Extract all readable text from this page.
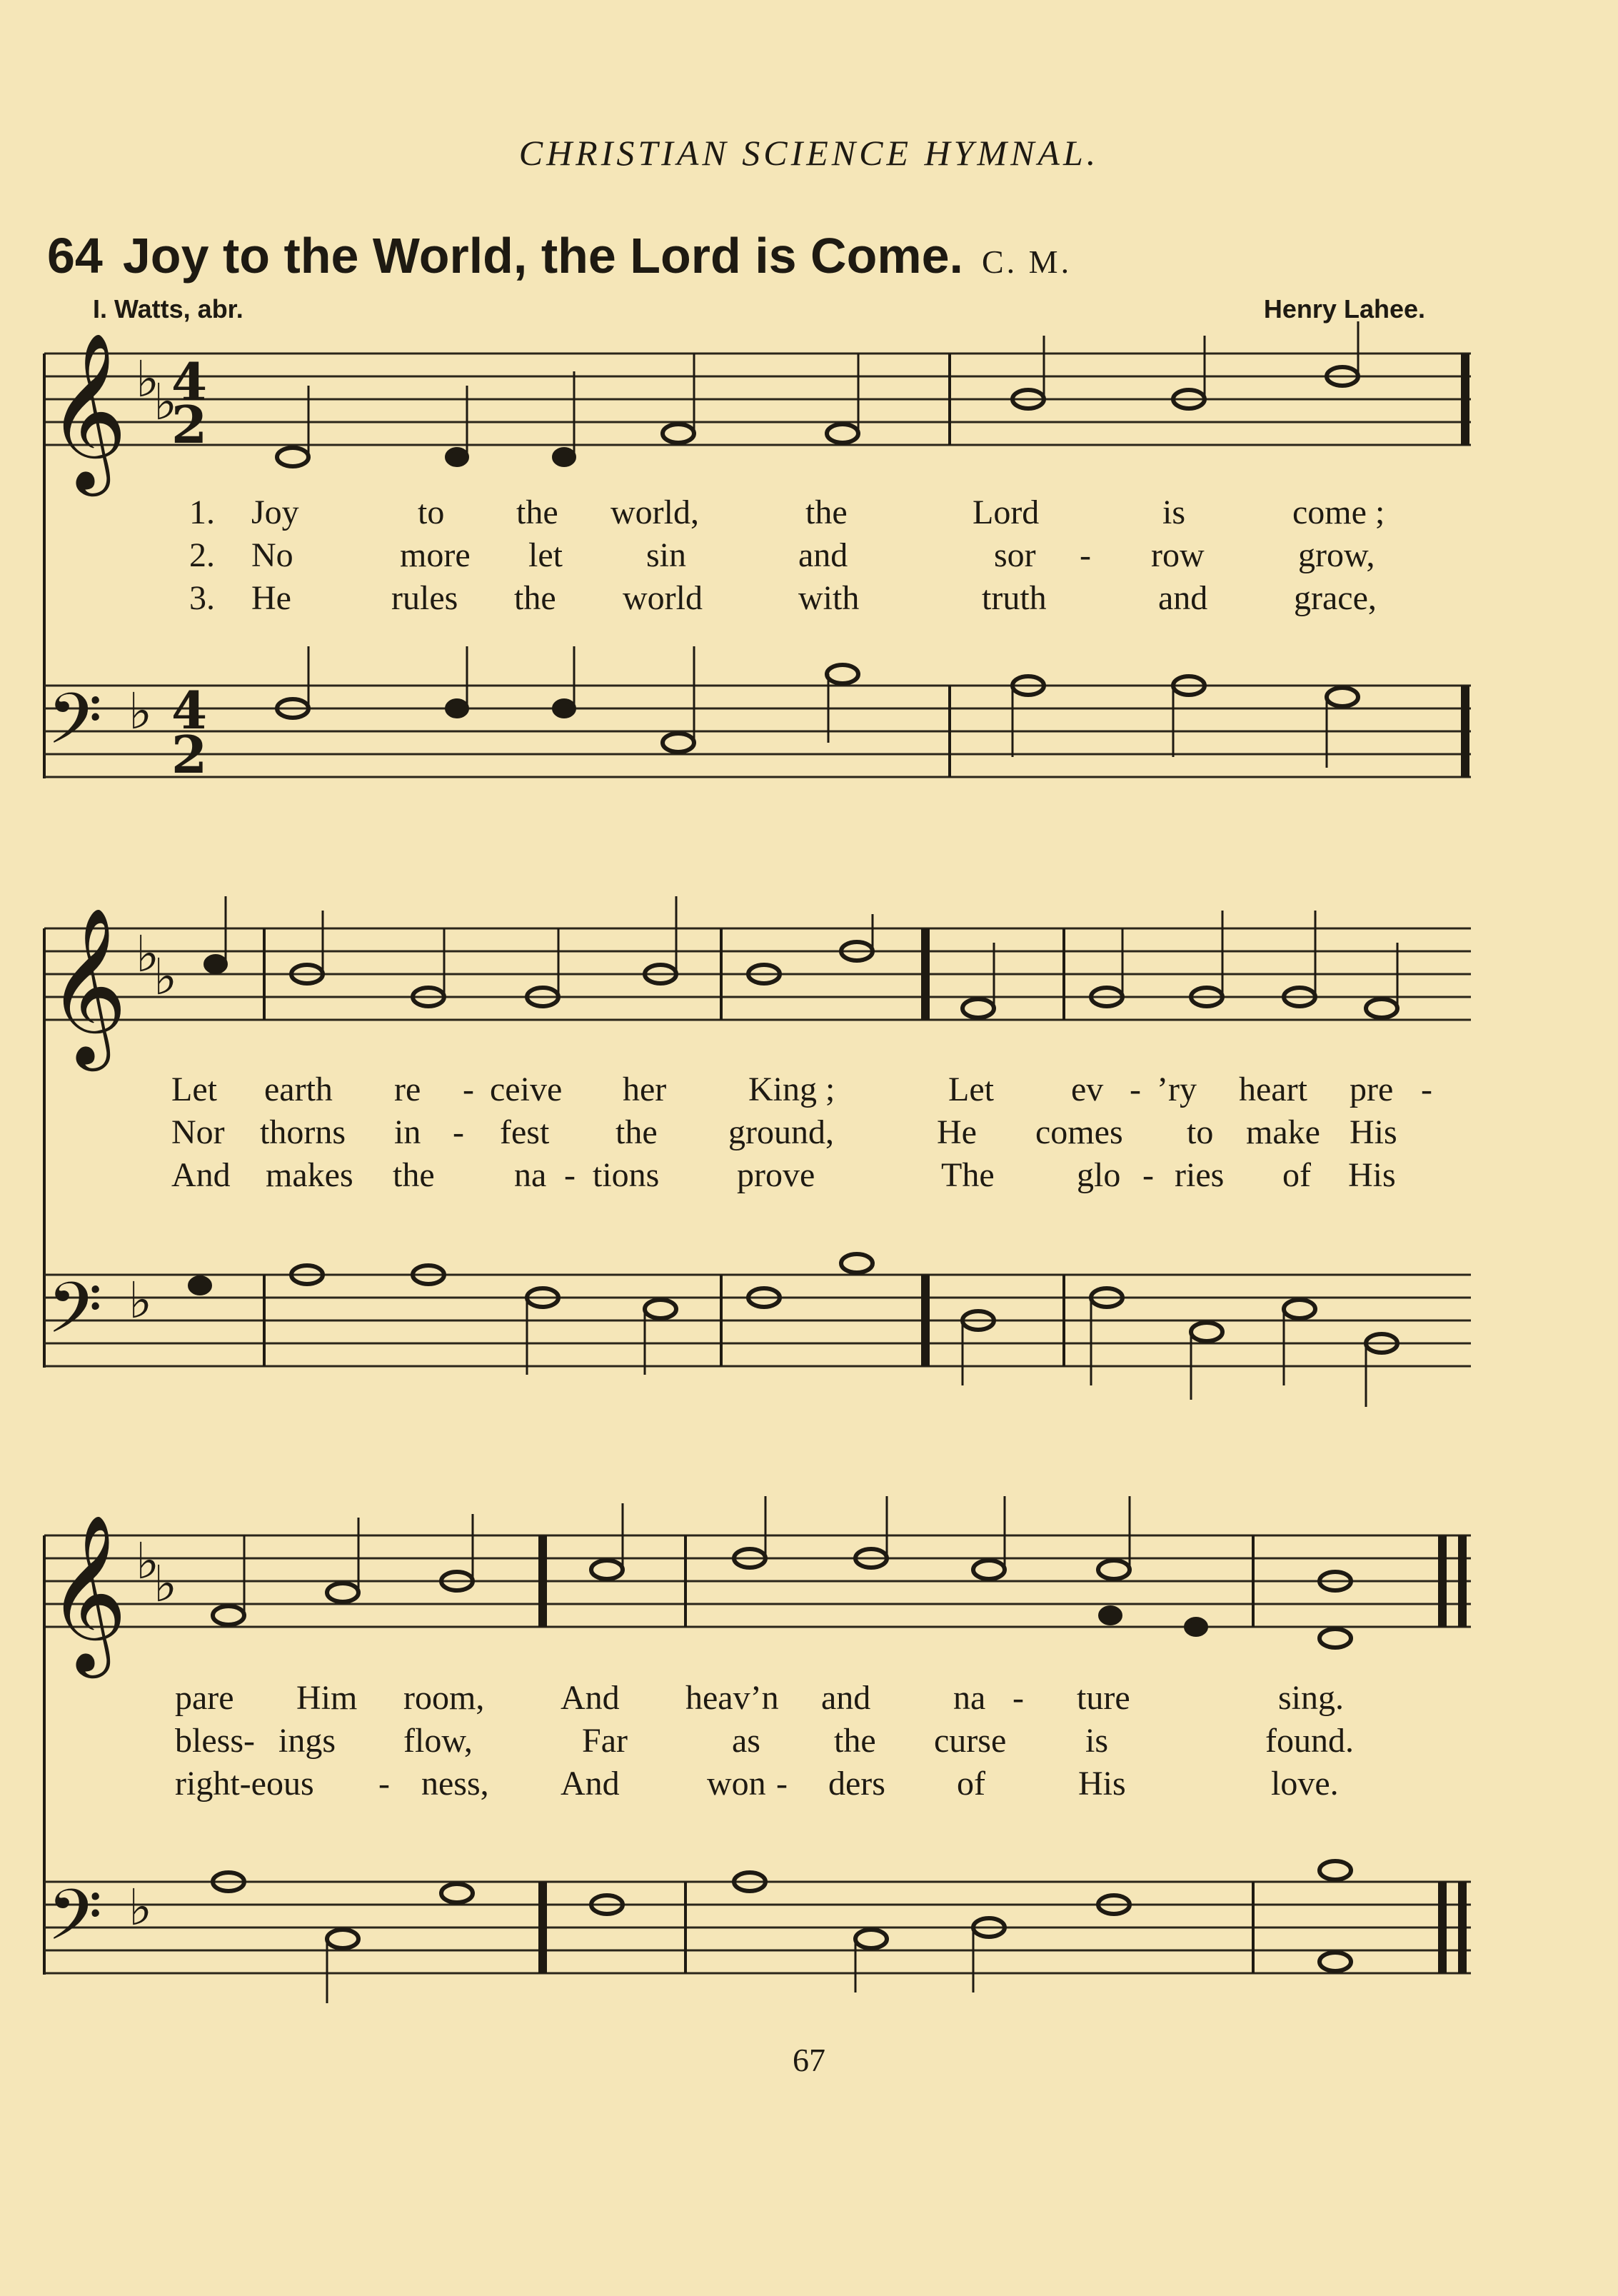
CHRISTIAN SCIENCE HYMNAL.
64 Joy to the World, the Lord is Come. C. M.
I. Watts, abr.	Henry Lahee.
𝄞 ♭
♭
4
2
𝄢 ♭ 4
2
𝄞 ♭
♭
𝄢 ♭
𝄞 ♭
♭
𝄢 ♭
1. Joy	to the world,	the	Lord	is	come ;
2. No	more let sin	and	sor - row	grow,
3. He	rules the world	with	truth	and	grace,
Let earth re - ceive her King ;	Let ev - ’ry heart pre -
Nor thorns in - fest the ground,	He comes to make His
And makes the na - tions prove	The glo - ries of His
pare Him room, And heav’n and na - ture	sing.
bless- ings flow,	Far	as the curse is	found.
right-eous - ness, And	won - ders of	His	love.
67
